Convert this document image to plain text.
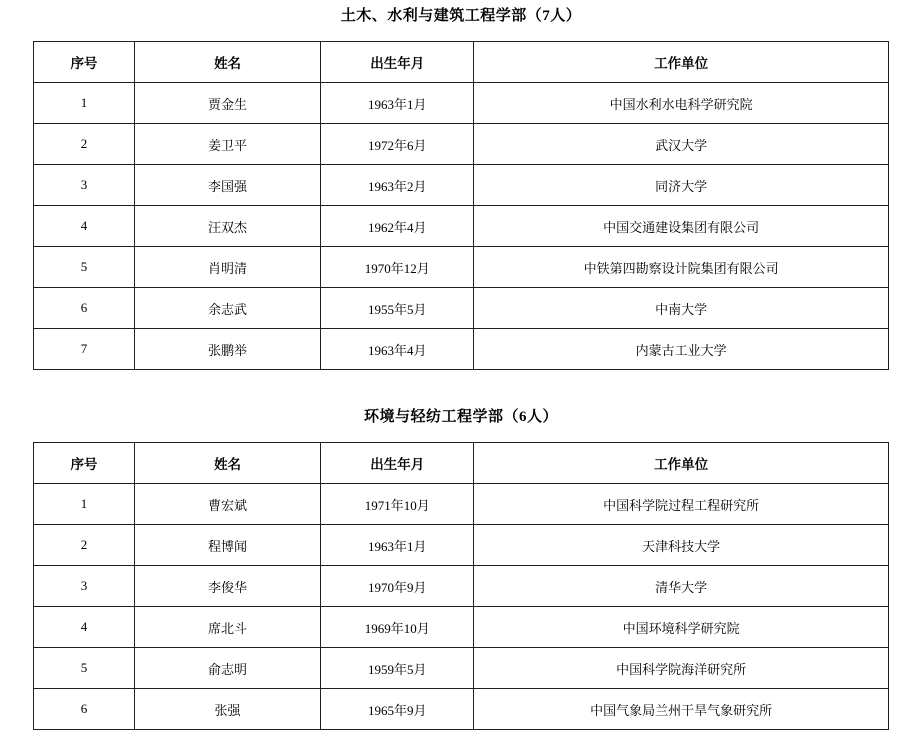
土木、水利与建筑工程学部（7人）
序号	姓名	出生年月	工作单位
1	贾金生	1963年1月	中国水利水电科学研究院
2	姜卫平	1972年6月	武汉大学
3	李国强	1963年2月	同济大学
4	汪双杰	1962年4月	中国交通建设集团有限公司
5	肖明清	1970年12月	中铁第四勘察设计院集团有限公司
6	余志武	1955年5月	中南大学
7	张鹏举	1963年4月	内蒙古工业大学
环境与轻纺工程学部（6人）
序号	姓名	出生年月	工作单位
1	曹宏斌	1971年10月	中国科学院过程工程研究所
2	程博闻	1963年1月	天津科技大学
3	李俊华	1970年9月	清华大学
4	席北斗	1969年10月	中国环境科学研究院
5	俞志明	1959年5月	中国科学院海洋研究所
6	张强	1965年9月	中国气象局兰州干旱气象研究所
